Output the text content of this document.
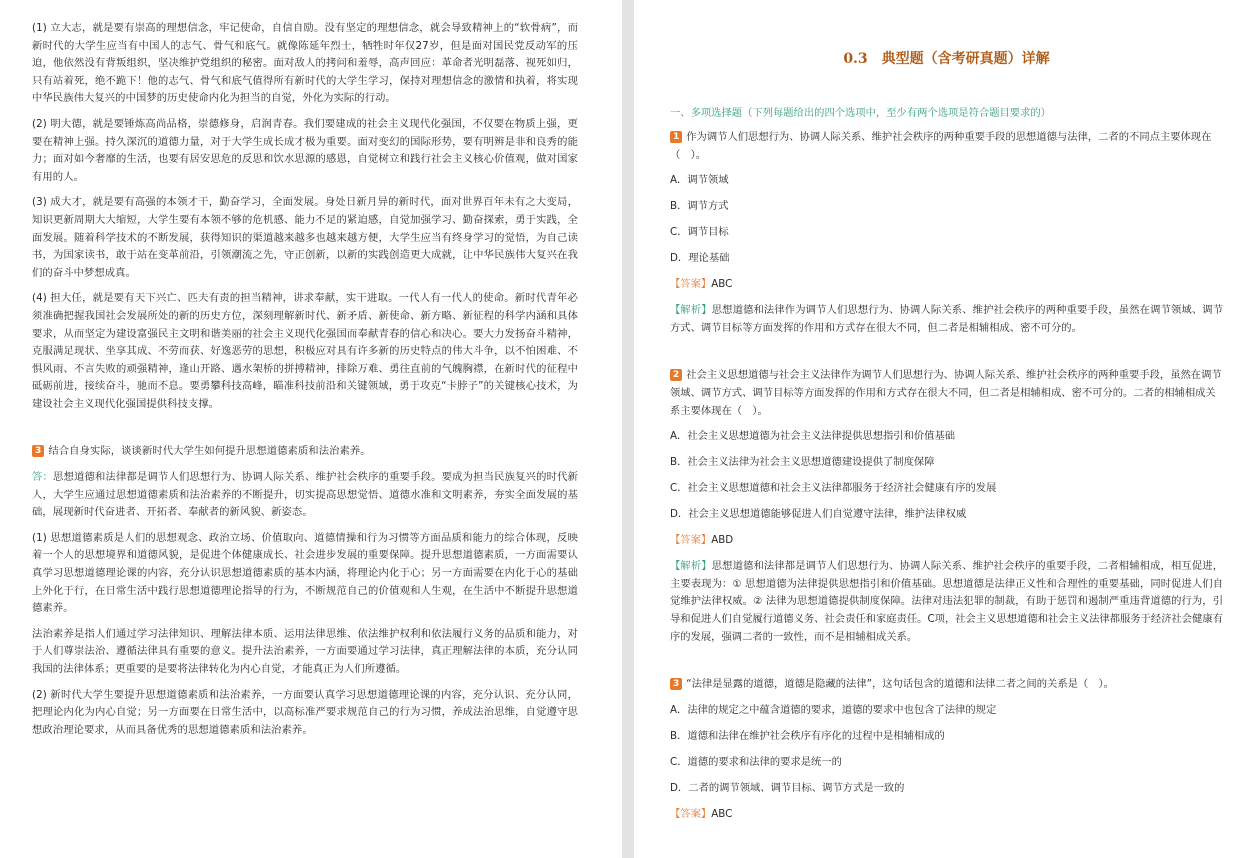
(1) 立大志，就是要有崇高的理想信念，牢记使命，自信自励。没有坚定的理想信念，就会导致精神上的“软骨病”，而新时代的大学生应当有中国人的志气、骨气和底气。就像陈延年烈士，牺牲时年仅27岁，但是面对国民党反动军的压迫，他依然没有背叛组织，坚决维护党组织的秘密。面对敌人的拷问和羞辱，高声回应：革命者光明磊落、视死如归，只有站着死，绝不跪下！他的志气、骨气和底气值得所有新时代的大学生学习，保持对理想信念的激情和执着，将实现中华民族伟大复兴的中国梦的历史使命内化为担当的自觉，外化为实际的行动。

(2) 明大德，就是要锤炼高尚品格，崇德修身，启润青春。我们要建成的社会主义现代化强国，不仅要在物质上强，更要在精神上强。持久深沉的道德力量，对于大学生成长成才极为重要。面对变幻的国际形势，要有明辨是非和良秀的能力；面对如今奢靡的生活，也要有居安思危的反思和饮水思源的感恩，自觉树立和践行社会主义核心价值观，做对国家有用的人。

(3) 成大才，就是要有高强的本领才干，勤奋学习，全面发展。身处日新月异的新时代，面对世界百年未有之大变局，知识更新周期大大缩短，大学生要有本领不够的危机感、能力不足的紧迫感，自觉加强学习、勤奋探索，勇于实践，全面发展。随着科学技术的不断发展，获得知识的渠道越来越多也越来越方便，大学生应当有终身学习的觉悟，为自己读书，为国家读书，敢于站在变革前沿，引领潮流之先，守正创新，以新的实践创造更大成就，让中华民族伟大复兴在我们的奋斗中梦想成真。

(4) 担大任，就是要有天下兴亡、匹夫有责的担当精神，讲求奉献，实干进取。一代人有一代人的使命。新时代青年必须准确把握我国社会发展所处的新的历史方位，深刻理解新时代、新矛盾、新使命、新方略、新征程的科学内涵和具体要求，从而坚定为建设富强民主文明和谐美丽的社会主义现代化强国而奉献青春的信心和决心。要大力发扬奋斗精神，克服满足现状、坐享其成、不劳而获、好逸恶劳的思想，积极应对具有许多新的历史特点的伟大斗争，以不怕困难、不惧风雨、不言失败的顽强精神，逢山开路、遇水架桥的拼搏精神，排除万难、勇往直前的气魄胸襟，在新时代的征程中砥砺前进，接续奋斗，驰而不息。要勇攀科技高峰，瞄准科技前沿和关键领域，勇于攻克“卡脖子”的关键核心技术，为建设社会主义现代化强国提供科技支撑。

3 结合自身实际，谈谈新时代大学生如何提升思想道德素质和法治素养。

答：思想道德和法律都是调节人们思想行为、协调人际关系、维护社会秩序的重要手段。要成为担当民族复兴的时代新人，大学生应通过思想道德素质和法治素养的不断提升，切实提高思想觉悟、道德水准和文明素养，夯实全面发展的基础，展现新时代奋进者、开拓者、奉献者的新风貌、新姿态。

(1) 思想道德素质是人们的思想观念、政治立场、价值取向、道德情操和行为习惯等方面品质和能力的综合体现，反映着一个人的思想境界和道德风貌，是促进个体健康成长、社会进步发展的重要保障。提升思想道德素质，一方面需要认真学习思想道德理论课的内容，充分认识思想道德素质的基本内涵，将理论内化于心；另一方面需要在内化于心的基础上外化于行，在日常生活中践行思想道德理论指导的行为，不断规范自己的价值观和人生观，在生活中不断提升思想道德素养。

法治素养是指人们通过学习法律知识、理解法律本质、运用法律思维、依法维护权利和依法履行义务的品质和能力，对于人们尊崇法治、遵循法律具有重要的意义。提升法治素养，一方面要通过学习法律，真正理解法律的本质，充分认同我国的法律体系；更重要的是要将法律转化为内心自觉，才能真正为人们所遵循。

(2) 新时代大学生要提升思想道德素质和法治素养，一方面要认真学习思想道德理论课的内容，充分认识、充分认同，把理论内化为内心自觉；另一方面要在日常生活中，以高标准严要求规范自己的行为习惯，养成法治思维，自觉遵守思想政治理论要求，从而具备优秀的思想道德素质和法治素养。

0.3　典型题（含考研真题）详解
一、多项选择题（下列每题给出的四个选项中，至少有两个选项是符合题目要求的）

1 作为调节人们思想行为、协调人际关系、维护社会秩序的两种重要手段的思想道德与法律，二者的不同点主要体现在（　）。

A．调节领域

B．调节方式

C．调节目标

D．理论基础

【答案】ABC

【解析】思想道德和法律作为调节人们思想行为、协调人际关系、维护社会秩序的两种重要手段，虽然在调节领域、调节方式、调节目标等方面发挥的作用和方式存在很大不同，但二者是相辅相成、密不可分的。

2 社会主义思想道德与社会主义法律作为调节人们思想行为、协调人际关系、维护社会秩序的两种重要手段，虽然在调节领域、调节方式、调节目标等方面发挥的作用和方式存在很大不同，但二者是相辅相成、密不可分的。二者的相辅相成关系主要体现在（　）。

A．社会主义思想道德为社会主义法律提供思想指引和价值基础

B．社会主义法律为社会主义思想道德建设提供了制度保障

C．社会主义思想道德和社会主义法律都服务于经济社会健康有序的发展

D．社会主义思想道德能够促进人们自觉遵守法律，维护法律权威

【答案】ABD

【解析】思想道德和法律都是调节人们思想行为、协调人际关系、维护社会秩序的重要手段，二者相辅相成，相互促进，主要表现为：① 思想道德为法律提供思想指引和价值基础。思想道德是法律正义性和合理性的重要基础，同时促进人们自觉维护法律权威。② 法律为思想道德提供制度保障。法律对违法犯罪的制裁，有助于惩罚和遏制严重违背道德的行为，引导和促进人们自觉履行道德义务、社会责任和家庭责任。C项，社会主义思想道德和社会主义法律都服务于经济社会健康有序的发展，强调二者的一致性，而不是相辅相成关系。

3 “法律是显露的道德，道德是隐藏的法律”，这句话包含的道德和法律二者之间的关系是（　）。

A．法律的规定之中蕴含道德的要求，道德的要求中也包含了法律的规定

B．道德和法律在维护社会秩序有序化的过程中是相辅相成的

C．道德的要求和法律的要求是统一的

D．二者的调节领域、调节目标、调节方式是一致的

【答案】ABC
